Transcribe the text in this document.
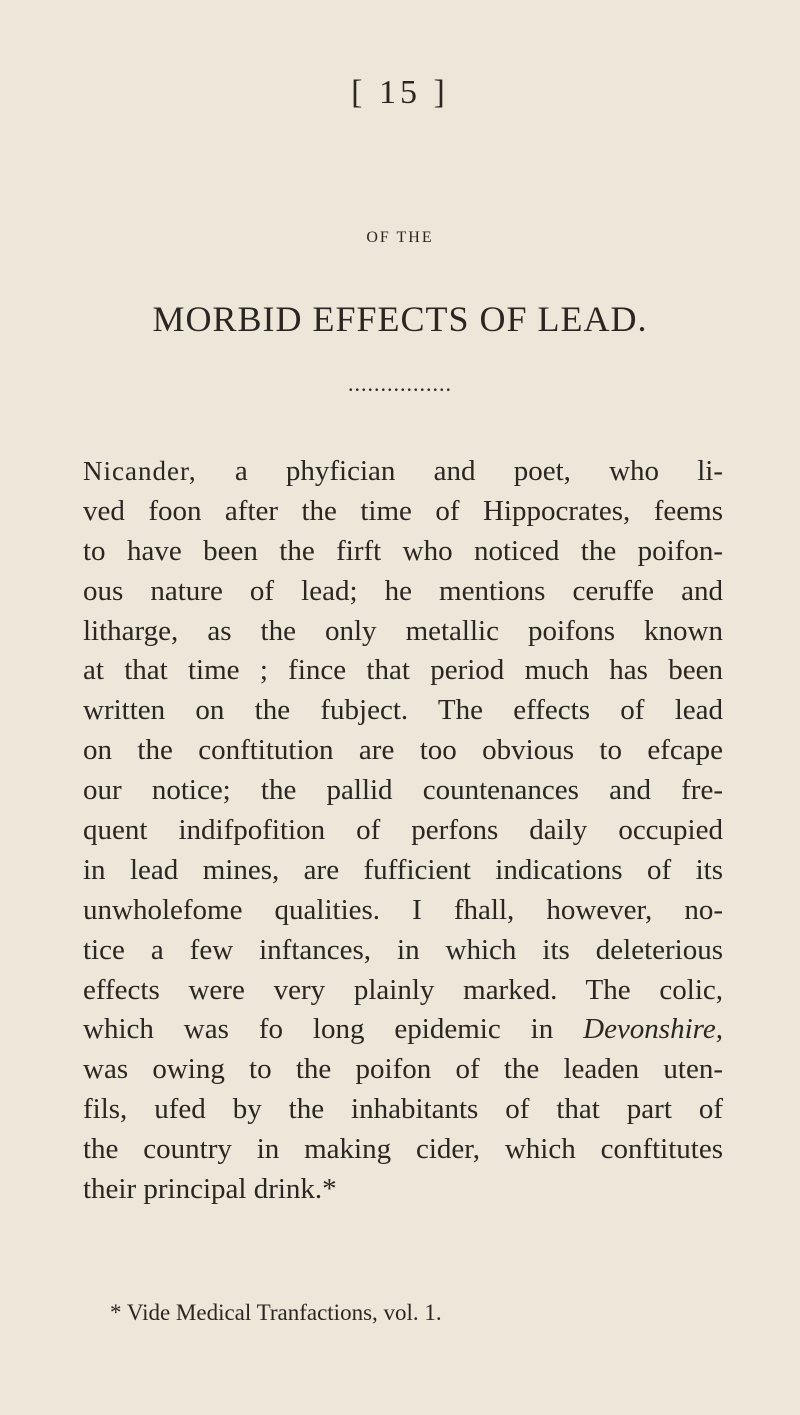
[ 15 ]
OF THE
MORBID EFFECTS OF LEAD.
................
Nicander, a phyfician and poet, who li-
ved foon after the time of Hippocrates, feems
to have been the firft who noticed the poifon-
ous nature of lead; he mentions ceruffe and
litharge, as the only metallic poifons known
at that time ; fince that period much has been
written on the fubject. The effects of lead
on the conftitution are too obvious to efcape
our notice; the pallid countenances and fre-
quent indifpofition of perfons daily occupied
in lead mines, are fufficient indications of its
unwholefome qualities. I fhall, however, no-
tice a few inftances, in which its deleterious
effects were very plainly marked. The colic,
which was fo long epidemic in Devonshire,
was owing to the poifon of the leaden uten-
fils, ufed by the inhabitants of that part of
the country in making cider, which conftitutes
their principal drink.*
* Vide Medical Tranfactions, vol. 1.
